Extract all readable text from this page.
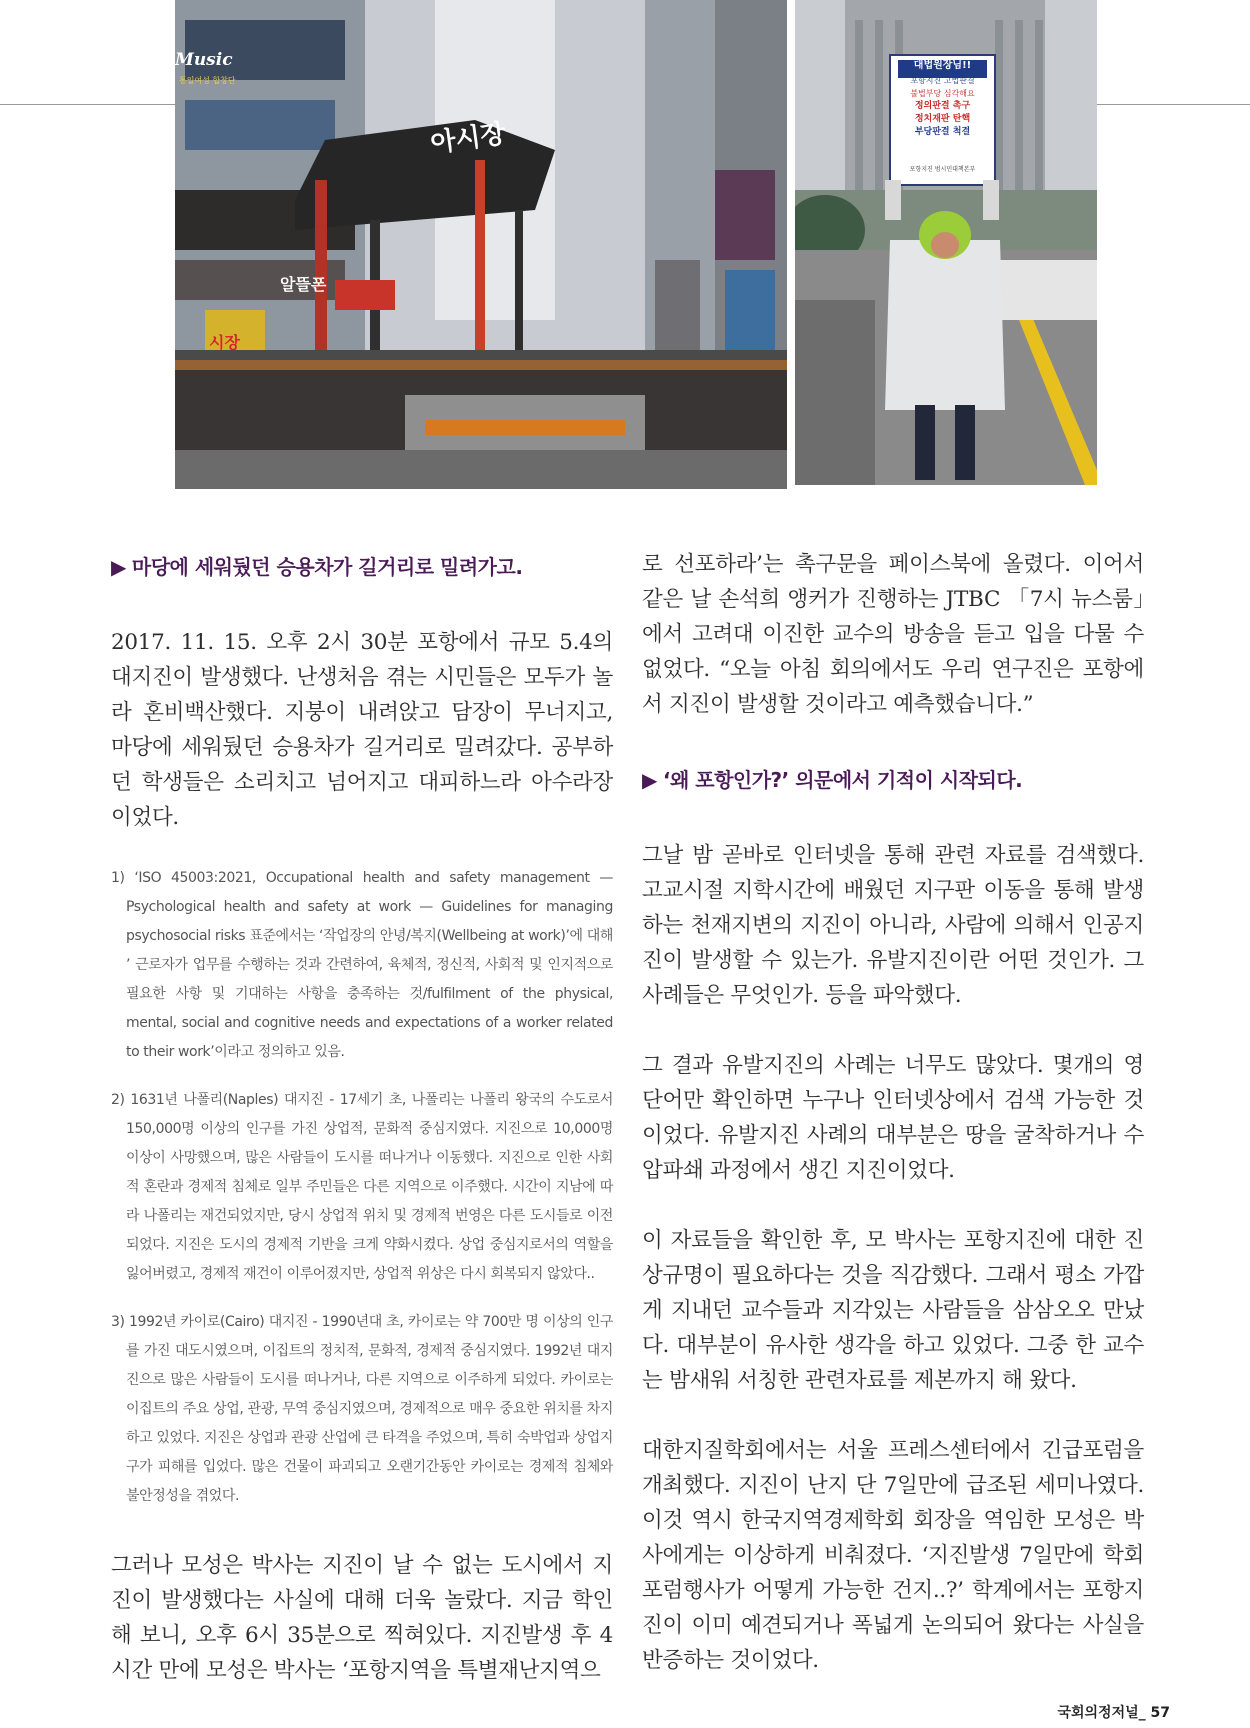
Music
통일여성 합창단
아시장
알뜰폰
시장
대법원장님!!
포항지진 고법판결
불법부당 심각해요
정의판결 촉구
정치재판 탄핵
부당판결 척결
포항지진 범시민대책본부

▶ 마당에 세워뒀던 승용차가 길거리로 밀려가고.

2017. 11. 15. 오후 2시 30분 포항에서 규모 5.4의 대지진이 발생했다. 난생처음 겪는 시민들은 모두가 놀라 혼비백산했다. 지붕이 내려앉고 담장이 무너지고, 마당에 세워뒀던 승용차가 길거리로 밀려갔다. 공부하던 학생들은 소리치고 넘어지고 대피하느라 아수라장이었다.

1) ‘ISO 45003:2021, Occupational health and safety management — Psychological health and safety at work — Guidelines for managing psychosocial risks 표준에서는 ‘작업장의 안녕/복지(Wellbeing at work)’에 대해 ’ 근로자가 업무를 수행하는 것과 간련하여, 육체적, 정신적, 사회적 및 인지적으로 필요한 사항 및 기대하는 사항을 충족하는 것/fulfilment of the physical, mental, social and cognitive needs and expectations of a worker related to their work’이라고 정의하고 있음.

2) 1631년 나폴리(Naples) 대지진 - 17세기 초, 나폴리는 나폴리 왕국의 수도로서 150,000명 이상의 인구를 가진 상업적, 문화적 중심지였다. 지진으로 10,000명 이상이 사망했으며, 많은 사람들이 도시를 떠나거나 이동했다. 지진으로 인한 사회적 혼란과 경제적 침체로 일부 주민들은 다른 지역으로 이주했다. 시간이 지남에 따라 나폴리는 재건되었지만, 당시 상업적 위치 및 경제적 번영은 다른 도시들로 이전되었다. 지진은 도시의 경제적 기반을 크게 약화시켰다. 상업 중심지로서의 역할을 잃어버렸고, 경제적 재건이 이루어졌지만, 상업적 위상은 다시 회복되지 않았다..

3) 1992년 카이로(Cairo) 대지진 - 1990년대 초, 카이로는 약 700만 명 이상의 인구를 가진 대도시였으며, 이집트의 정치적, 문화적, 경제적 중심지였다. 1992년 대지진으로 많은 사람들이 도시를 떠나거나, 다른 지역으로 이주하게 되었다. 카이로는 이집트의 주요 상업, 관광, 무역 중심지였으며, 경제적으로 매우 중요한 위치를 차지하고 있었다. 지진은 상업과 관광 산업에 큰 타격을 주었으며, 특히 숙박업과 상업지구가 피해를 입었다. 많은 건물이 파괴되고 오랜기간동안 카이로는 경제적 침체와 불안정성을 겪었다.

그러나 모성은 박사는 지진이 날 수 없는 도시에서 지진이 발생했다는 사실에 대해 더욱 놀랐다. 지금 학인해 보니, 오후 6시 35분으로 찍혀있다. 지진발생 후 4시간 만에 모성은 박사는 ‘포항지역을 특별재난지역으

로 선포하라’는 촉구문을 페이스북에 올렸다. 이어서 같은 날 손석희 앵커가 진행하는 JTBC 「7시 뉴스룸」에서 고려대 이진한 교수의 방송을 듣고 입을 다물 수 없었다. “오늘 아침 회의에서도 우리 연구진은 포항에서 지진이 발생할 것이라고 예측했습니다.”

▶ ‘왜 포항인가?’ 의문에서 기적이 시작되다.

그날 밤 곧바로 인터넷을 통해 관련 자료를 검색했다. 고교시절 지학시간에 배웠던 지구판 이동을 통해 발생하는 천재지변의 지진이 아니라, 사람에 의해서 인공지진이 발생할 수 있는가. 유발지진이란 어떤 것인가. 그 사례들은 무엇인가. 등을 파악했다.

그 결과 유발지진의 사례는 너무도 많았다. 몇개의 영단어만 확인하면 누구나 인터넷상에서 검색 가능한 것이었다. 유발지진 사례의 대부분은 땅을 굴착하거나 수압파쇄 과정에서 생긴 지진이었다.

이 자료들을 확인한 후, 모 박사는 포항지진에 대한 진상규명이 필요하다는 것을 직감했다. 그래서 평소 가깝게 지내던 교수들과 지각있는 사람들을 삼삼오오 만났다. 대부분이 유사한 생각을 하고 있었다. 그중 한 교수는 밤새워 서칭한 관련자료를 제본까지 해 왔다.

대한지질학회에서는 서울 프레스센터에서 긴급포럼을 개최했다. 지진이 난지 단 7일만에 급조된 세미나였다. 이것 역시 한국지역경제학회 회장을 역임한 모성은 박사에게는 이상하게 비춰졌다. ‘지진발생 7일만에 학회 포럼행사가 어떻게 가능한 건지..?’ 학계에서는 포항지진이 이미 예견되거나 폭넓게 논의되어 왔다는 사실을 반증하는 것이었다.

국회의정저널_ 57
